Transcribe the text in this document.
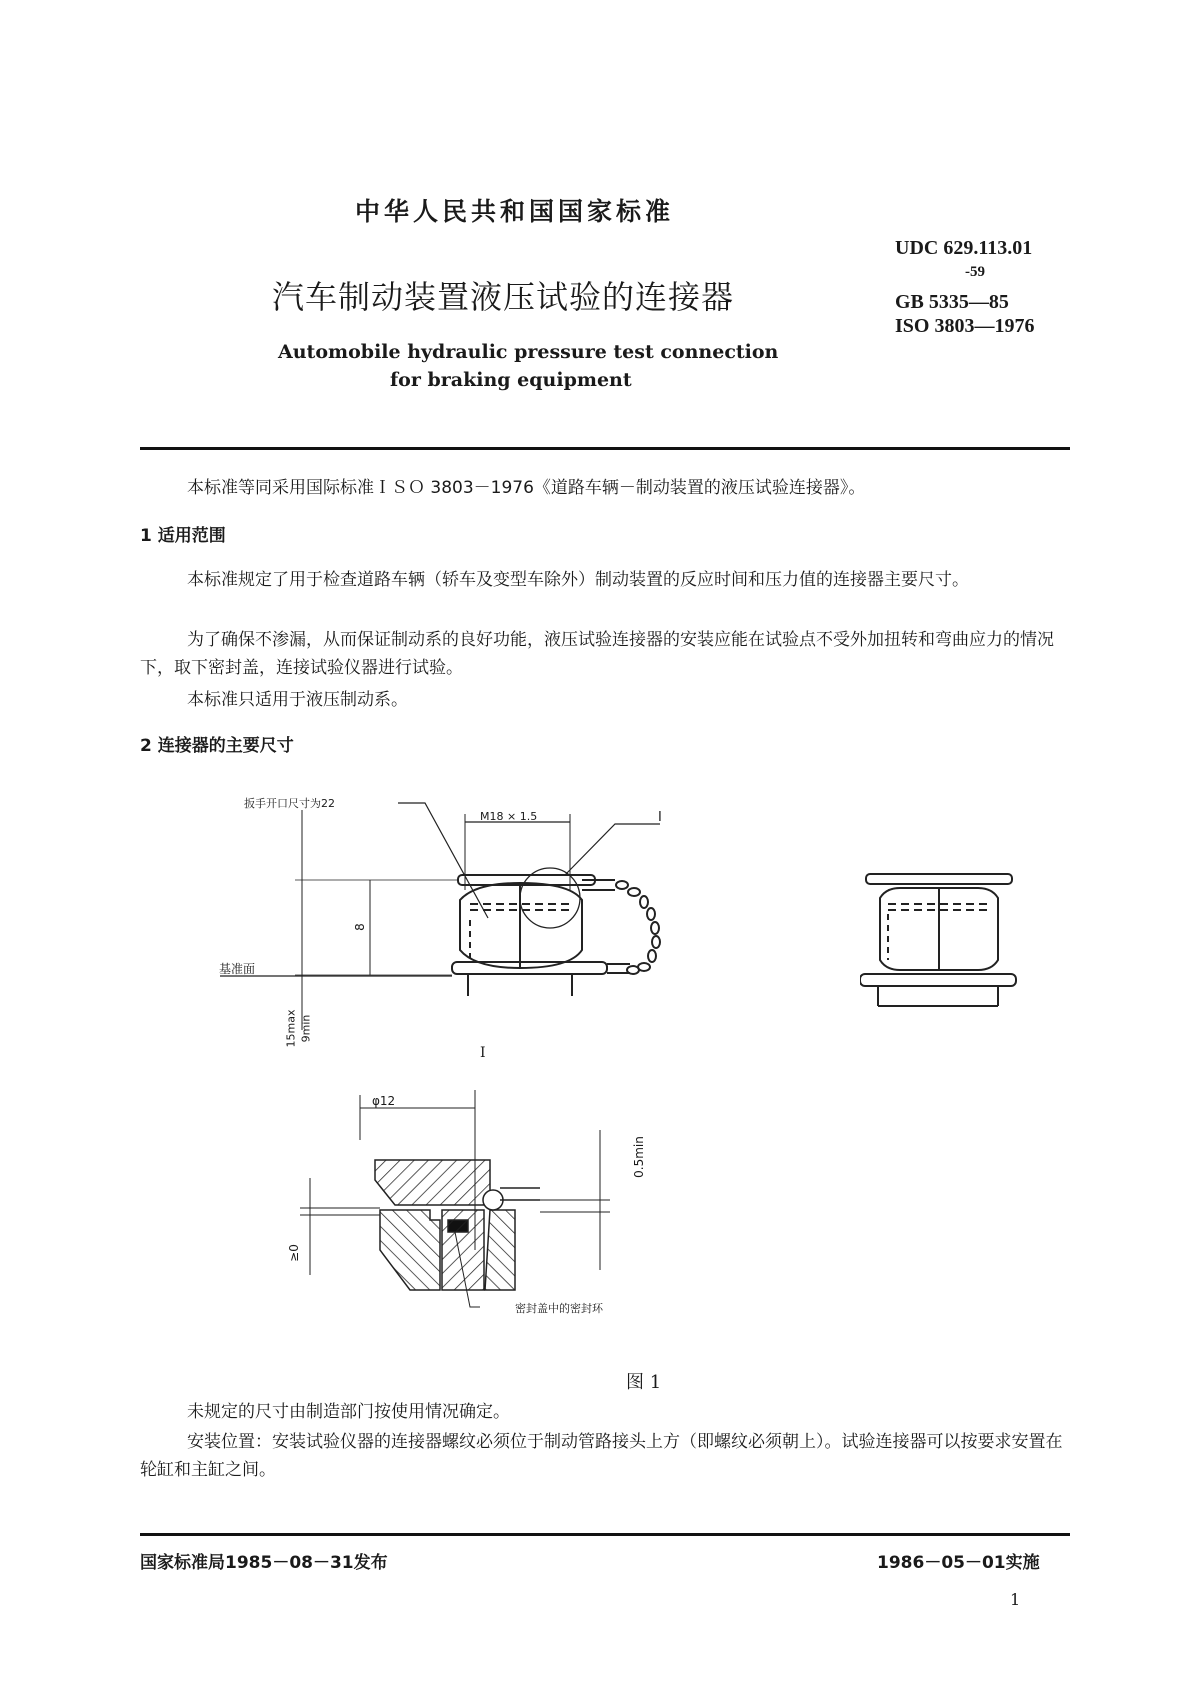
中华人民共和国国家标准
汽车制动装置液压试验的连接器
Automobile hydraulic pressure test connection
for braking equipment
UDC 629.113.01
-59
GB 5335—85
ISO 3803—1976
本标准等同采用国际标准ＩＳＯ 3803－1976《道路车辆－制动装置的液压试验连接器》。
1 适用范围
本标准规定了用于检查道路车辆（轿车及变型车除外）制动装置的反应时间和压力值的连接器主要尺寸。
为了确保不渗漏，从而保证制动系的良好功能，液压试验连接器的安装应能在试验点不受外加扭转和弯曲应力的情况下，取下密封盖，连接试验仪器进行试验。
本标准只适用于液压制动系。
2 连接器的主要尺寸
扳手开口尺寸为22
M18 × 1.5	I
8
基准面
15max 9min
I
φ12
0.5min
≥0
密封盖中的密封环
图 1
未规定的尺寸由制造部门按使用情况确定。
安装位置：安装试验仪器的连接器螺纹必须位于制动管路接头上方（即螺纹必须朝上）。试验连接器可以按要求安置在轮缸和主缸之间。
国家标准局1985－08－31发布	1986－05－01实施
1
